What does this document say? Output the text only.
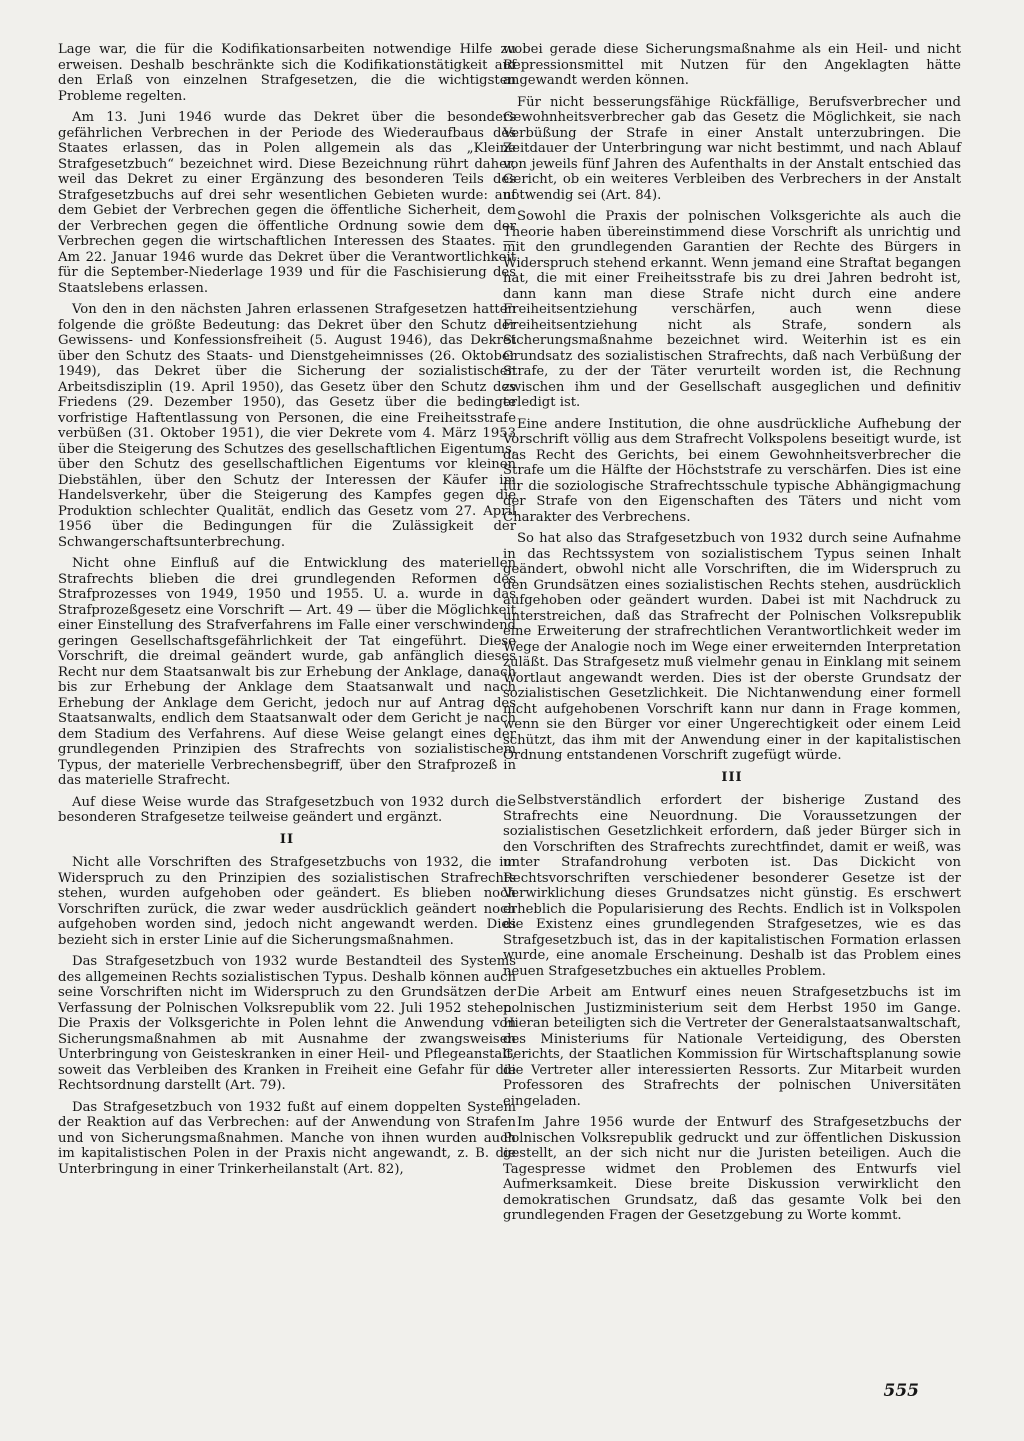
Lage war, die für die Kodifikationsarbeiten notwendige Hilfe zu erweisen. Deshalb beschränkte sich die Kodifikationstätigkeit auf den Erlaß von einzelnen Strafgesetzen, die die wichtigsten Probleme regelten.

Am 13. Juni 1946 wurde das Dekret über die besonders gefährlichen Verbrechen in der Periode des Wiederaufbaus des Staates erlassen, das in Polen allgemein als das „Kleine Strafgesetzbuch“ bezeichnet wird. Diese Bezeichnung rührt daher, weil das Dekret zu einer Ergänzung des besonderen Teils des Strafgesetzbuchs auf drei sehr wesentlichen Gebieten wurde: auf dem Gebiet der Verbrechen gegen die öffentliche Sicherheit, dem der Verbrechen gegen die öffentliche Ordnung sowie dem der Verbrechen gegen die wirtschaftlichen Interessen des Staates. — Am 22. Januar 1946 wurde das Dekret über die Verantwortlichkeit für die September-Niederlage 1939 und für die Faschisierung des Staatslebens erlassen.

Von den in den nächsten Jahren erlassenen Strafgesetzen hatten folgende die größte Bedeutung: das Dekret über den Schutz der Gewissens- und Konfessionsfreiheit (5. August 1946), das Dekret über den Schutz des Staats- und Dienstgeheimnisses (26. Oktober 1949), das Dekret über die Sicherung der sozialistischen Arbeitsdisziplin (19. April 1950), das Gesetz über den Schutz des Friedens (29. Dezember 1950), das Gesetz über die bedingte vorfristige Haftentlassung von Personen, die eine Freiheitsstrafe verbüßen (31. Oktober 1951), die vier Dekrete vom 4. März 1953 über die Steigerung des Schutzes des gesellschaftlichen Eigentums, über den Schutz des gesellschaftlichen Eigentums vor kleinen Diebstählen, über den Schutz der Interessen der Käufer im Handelsverkehr, über die Steigerung des Kampfes gegen die Produktion schlechter Qualität, endlich das Gesetz vom 27. April 1956 über die Bedingungen für die Zulässigkeit der Schwangerschaftsunterbrechung.

Nicht ohne Einfluß auf die Entwicklung des materiellen Strafrechts blieben die drei grundlegenden Reformen des Strafprozesses von 1949, 1950 und 1955. U. a. wurde in das Strafprozeßgesetz eine Vorschrift — Art. 49 — über die Möglichkeit einer Einstellung des Strafverfahrens im Falle einer verschwindend geringen Gesellschaftsgefährlichkeit der Tat eingeführt. Diese Vorschrift, die dreimal geändert wurde, gab anfänglich dieses Recht nur dem Staatsanwalt bis zur Erhebung der Anklage, danach bis zur Erhebung der Anklage dem Staatsanwalt und nach Erhebung der Anklage dem Gericht, jedoch nur auf Antrag des Staatsanwalts, endlich dem Staatsanwalt oder dem Gericht je nach dem Stadium des Verfahrens. Auf diese Weise gelangt eines der grundlegenden Prinzipien des Strafrechts von sozialistischem Typus, der materielle Verbrechensbegriff, über den Strafprozeß in das materielle Strafrecht.

Auf diese Weise wurde das Strafgesetzbuch von 1932 durch die besonderen Strafgesetze teilweise geändert und ergänzt.

II

Nicht alle Vorschriften des Strafgesetzbuchs von 1932, die im Widerspruch zu den Prinzipien des sozialistischen Strafrechts stehen, wurden aufgehoben oder geändert. Es blieben noch Vorschriften zurück, die zwar weder ausdrücklich geändert noch aufgehoben worden sind, jedoch nicht angewandt werden. Dies bezieht sich in erster Linie auf die Sicherungsmaßnahmen.

Das Strafgesetzbuch von 1932 wurde Bestandteil des Systems des allgemeinen Rechts sozialistischen Typus. Deshalb können auch seine Vorschriften nicht im Widerspruch zu den Grundsätzen der Verfassung der Polnischen Volksrepublik vom 22. Juli 1952 stehen. Die Praxis der Volksgerichte in Polen lehnt die Anwendung von Sicherungsmaßnahmen ab mit Ausnahme der zwangsweisen Unterbringung von Geisteskranken in einer Heil- und Pflegeanstalt, soweit das Verbleiben des Kranken in Freiheit eine Gefahr für die Rechtsordnung darstellt (Art. 79).

Das Strafgesetzbuch von 1932 fußt auf einem doppelten System der Reaktion auf das Verbrechen: auf der Anwendung von Strafen und von Sicherungsmaßnahmen. Manche von ihnen wurden auch im kapitalistischen Polen in der Praxis nicht angewandt, z. B. die Unterbringung in einer Trinkerheilanstalt (Art. 82),

wobei gerade diese Sicherungsmaßnahme als ein Heil- und nicht Repressionsmittel mit Nutzen für den Angeklagten hätte angewandt werden können.

Für nicht besserungsfähige Rückfällige, Berufsverbrecher und Gewohnheitsverbrecher gab das Gesetz die Möglichkeit, sie nach Verbüßung der Strafe in einer Anstalt unterzubringen. Die Zeitdauer der Unterbringung war nicht bestimmt, und nach Ablauf von jeweils fünf Jahren des Aufenthalts in der Anstalt entschied das Gericht, ob ein weiteres Verbleiben des Verbrechers in der Anstalt notwendig sei (Art. 84).

Sowohl die Praxis der polnischen Volksgerichte als auch die Theorie haben übereinstimmend diese Vorschrift als unrichtig und mit den grundlegenden Garantien der Rechte des Bürgers in Widerspruch stehend erkannt. Wenn jemand eine Straftat begangen hat, die mit einer Freiheitsstrafe bis zu drei Jahren bedroht ist, dann kann man diese Strafe nicht durch eine andere Freiheitsentziehung verschärfen, auch wenn diese Freiheitsentziehung nicht als Strafe, sondern als Sicherungsmaßnahme bezeichnet wird. Weiterhin ist es ein Grundsatz des sozialistischen Strafrechts, daß nach Verbüßung der Strafe, zu der der Täter verurteilt worden ist, die Rechnung zwischen ihm und der Gesellschaft ausgeglichen und definitiv erledigt ist.

Eine andere Institution, die ohne ausdrückliche Aufhebung der Vorschrift völlig aus dem Strafrecht Volkspolens beseitigt wurde, ist das Recht des Gerichts, bei einem Gewohnheitsverbrecher die Strafe um die Hälfte der Höchststrafe zu verschärfen. Dies ist eine für die soziologische Strafrechtsschule typische Abhängigmachung der Strafe von den Eigenschaften des Täters und nicht vom Charakter des Verbrechens.

So hat also das Strafgesetzbuch von 1932 durch seine Aufnahme in das Rechtssystem von sozialistischem Typus seinen Inhalt geändert, obwohl nicht alle Vorschriften, die im Widerspruch zu den Grundsätzen eines sozialistischen Rechts stehen, ausdrücklich aufgehoben oder geändert wurden. Dabei ist mit Nachdruck zu unterstreichen, daß das Strafrecht der Polnischen Volksrepublik eine Erweiterung der strafrechtlichen Verantwortlichkeit weder im Wege der Analogie noch im Wege einer erweiternden Interpretation zuläßt. Das Strafgesetz muß vielmehr genau in Einklang mit seinem Wortlaut angewandt werden. Dies ist der oberste Grundsatz der sozialistischen Gesetzlichkeit. Die Nichtanwendung einer formell nicht aufgehobenen Vorschrift kann nur dann in Frage kommen, wenn sie den Bürger vor einer Ungerechtigkeit oder einem Leid schützt, das ihm mit der Anwendung einer in der kapitalistischen Ordnung entstandenen Vorschrift zugefügt würde.

III

Selbstverständlich erfordert der bisherige Zustand des Strafrechts eine Neuordnung. Die Voraussetzungen der sozialistischen Gesetzlichkeit erfordern, daß jeder Bürger sich in den Vorschriften des Strafrechts zurechtfindet, damit er weiß, was unter Strafandrohung verboten ist. Das Dickicht von Rechtsvorschriften verschiedener besonderer Gesetze ist der Verwirklichung dieses Grundsatzes nicht günstig. Es erschwert erheblich die Popularisierung des Rechts. Endlich ist in Volkspolen die Existenz eines grundlegenden Strafgesetzes, wie es das Strafgesetzbuch ist, das in der kapitalistischen Formation erlassen wurde, eine anomale Erscheinung. Deshalb ist das Problem eines neuen Strafgesetzbuches ein aktuelles Problem.

Die Arbeit am Entwurf eines neuen Strafgesetzbuchs ist im polnischen Justizministerium seit dem Herbst 1950 im Gange. Hieran beteiligten sich die Vertreter der Generalstaatsanwaltschaft, des Ministeriums für Nationale Verteidigung, des Obersten Gerichts, der Staatlichen Kommission für Wirtschaftsplanung sowie die Vertreter aller interessierten Ressorts. Zur Mitarbeit wurden Professoren des Strafrechts der polnischen Universitäten eingeladen.

Im Jahre 1956 wurde der Entwurf des Strafgesetzbuchs der Polnischen Volksrepublik gedruckt und zur öffentlichen Diskussion gestellt, an der sich nicht nur die Juristen beteiligen. Auch die Tagespresse widmet den Problemen des Entwurfs viel Aufmerksamkeit. Diese breite Diskussion verwirklicht den demokratischen Grundsatz, daß das gesamte Volk bei den grundlegenden Fragen der Gesetzgebung zu Worte kommt.

555
